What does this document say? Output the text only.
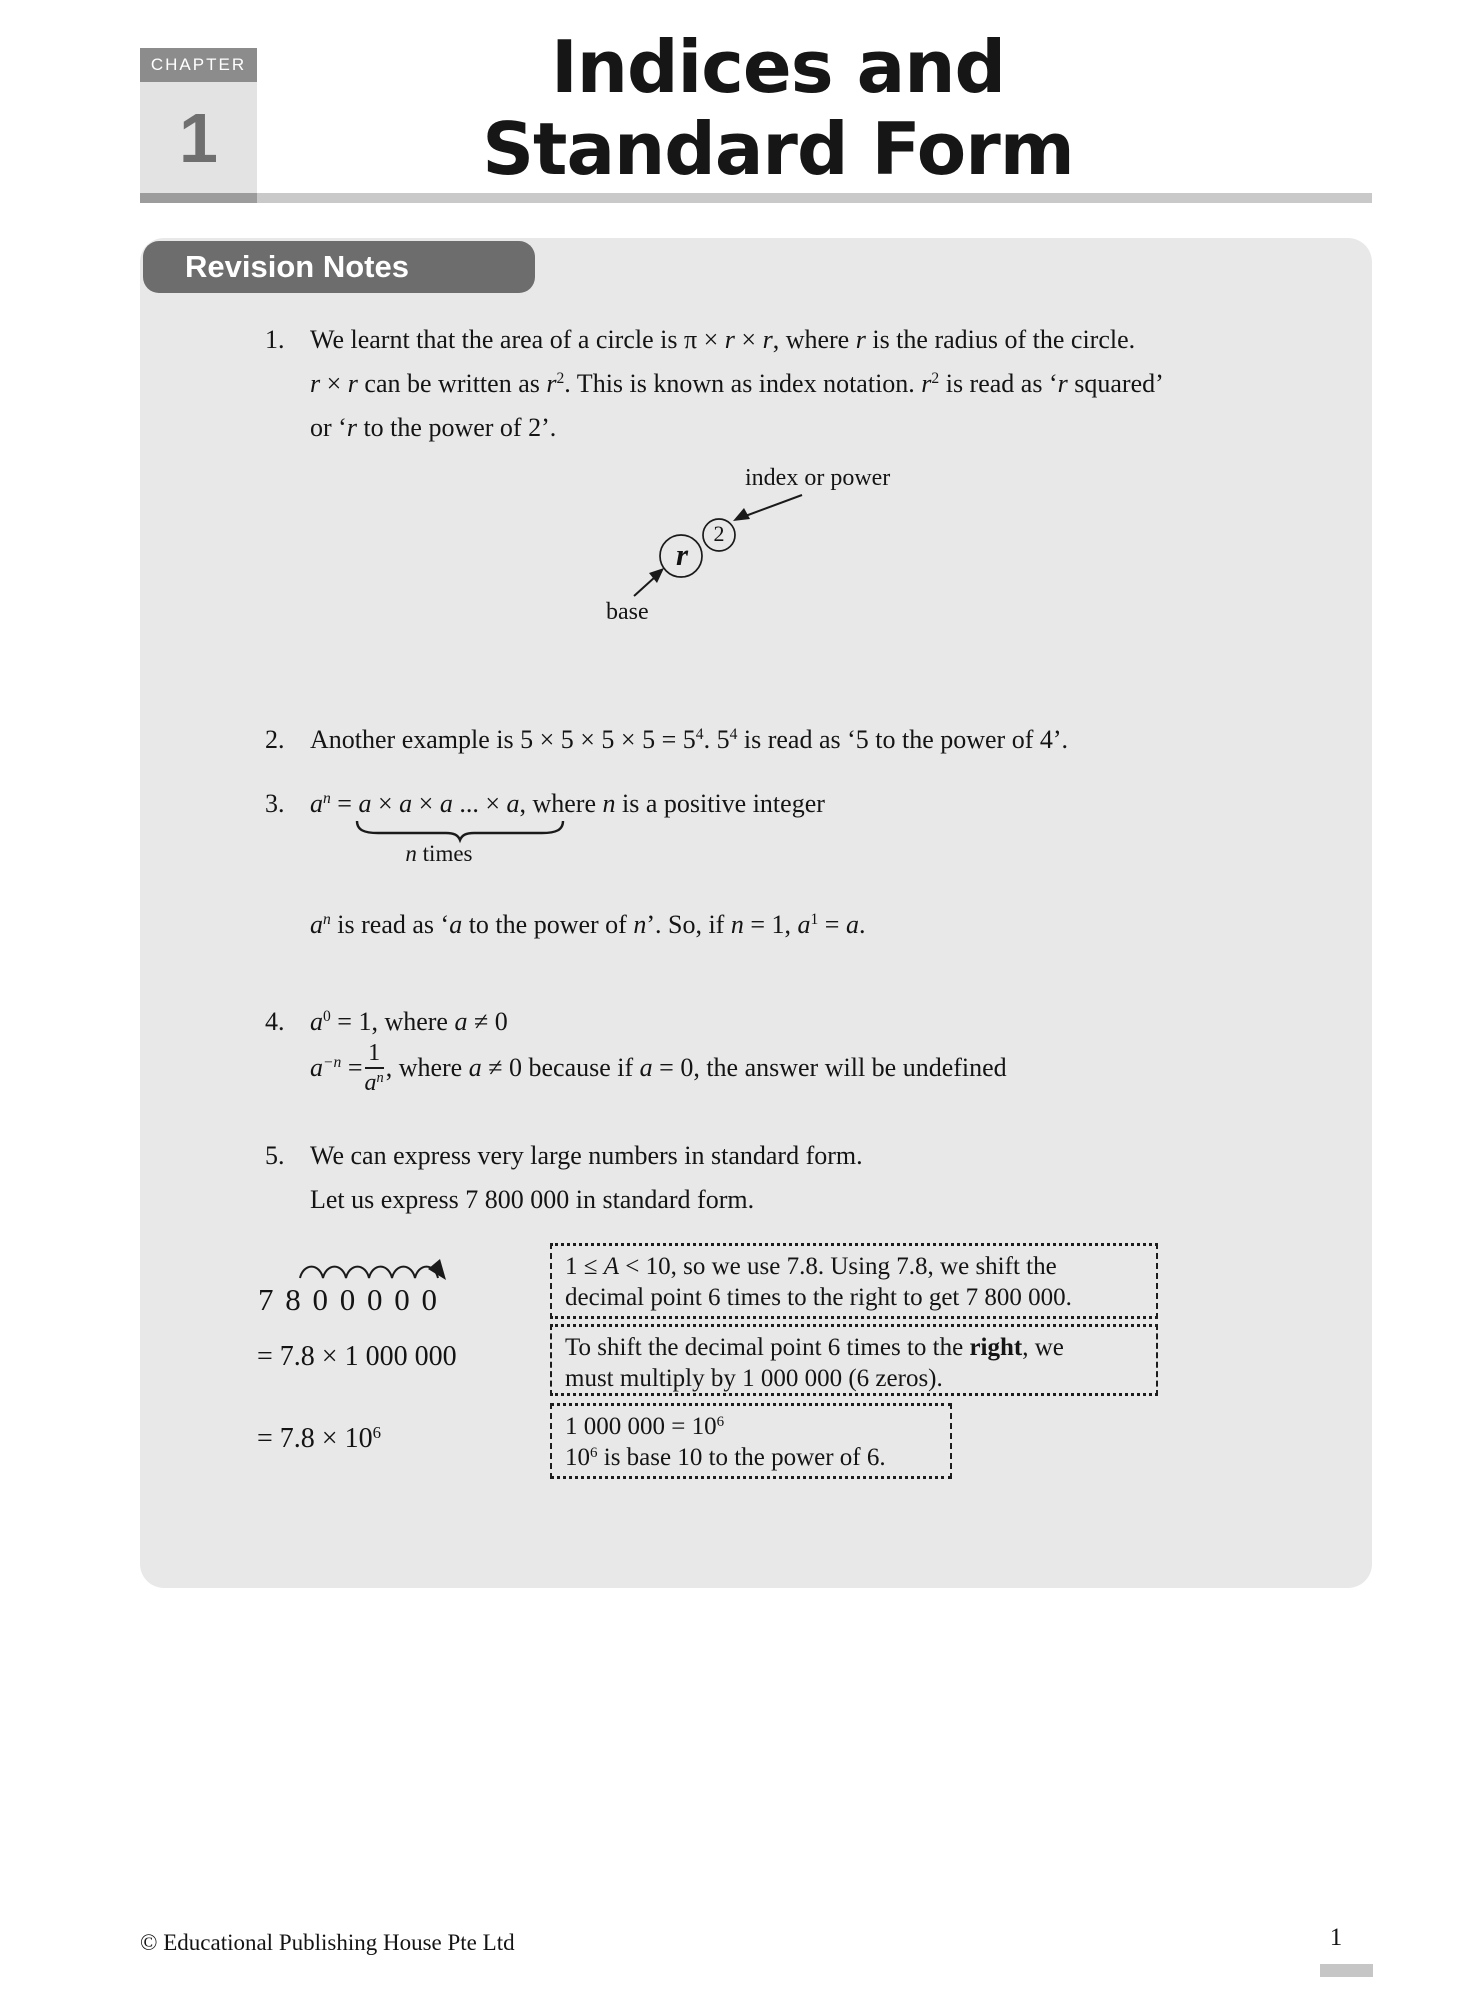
CHAPTER
1
Indices and
Standard Form
Revision Notes
1. We learnt that the area of a circle is π × r × r, where r is the radius of the circle.
r × r can be written as $r^2$. This is known as index notation. $r^2$ is read as ‘r squared’
or ‘r to the power of 2’.
index or power
base
r
2
2. Another example is $5 \times 5 \times 5 \times 5 = 5^4$. $5^4$ is read as ‘5 to the power of 4’.
3. $a^n = a \times a \times a$ ... × a
n times
, where n is a positive integer
$a^n$ is read as ‘a to the power of n’. So, if n = 1, $a^1 = a$.
4. $a^0 = 1$, where a ≠ 0
$a^{-n} = \frac{1}{a^n}$ , where a ≠ 0 because if a = 0, the answer will be undefined
5. We can express very large numbers in standard form.
Let us express 7 800 000 in standard form.
7 8 0 0 0 0 0
= 7.8 × 1 000 000
= $7.8 \times 10^6$
1 ≤ A < 10, so we use 7.8. Using 7.8, we shift the
decimal point 6 times to the right to get 7 800 000.
To shift the decimal point 6 times to the right, we
must multiply by 1 000 000 (6 zeros).
1 000 $000 = 10^6$
$10^6$ is base 10 to the power of 6.
© Educational Publishing House Pte Ltd	1
